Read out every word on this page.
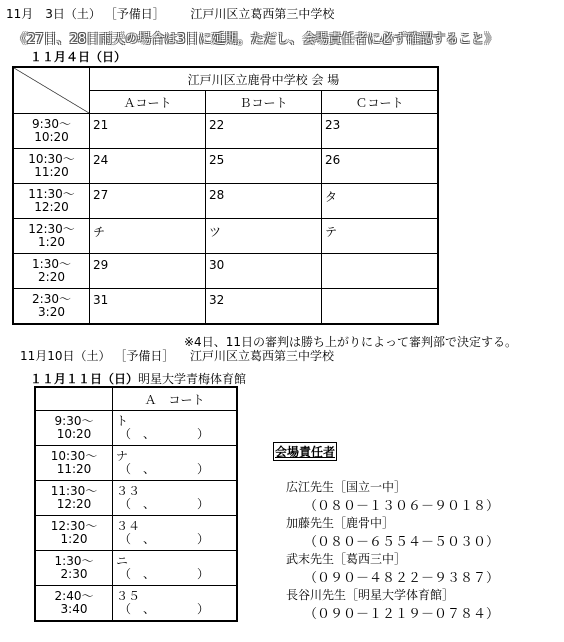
11月　3日（土） ［予備日］ 江戸川区立葛西第三中学校
《27日、28日雨天の場合は3日に延期。ただし、会場責任者に必ず確認すること》
１１月４日（日）
	江戸川区立鹿骨中学校 会 場		
	Ａコート	Ｂコート	Ｃコート
9:30～
10:20	21	22	23
10:30～
11:20	24	25	26
11:30～
12:20	27	28	タ
12:30～
1:20	チ	ツ	テ
1:30～
2:20	29	30	
2:30～
3:20	31	32	
※4日、11日の審判は勝ち上がりによって審判部で決定する。
11月10日（土） ［予備日］ 江戸川区立葛西第三中学校
１１月１１日（日）明星大学青梅体育館
	Ａ　コート
9:30～
10:20	ト
（ 、 ）
10:30～
11:20	ナ
（ 、 ）
11:30～
12:20	３３
（ 、 ）
12:30～
1:20	３４
（ 、 ）
1:30～
2:30	ニ
（ 、 ）
2:40～
3:40	３５
（ 、 ）
会場責任者
広江先生［国立一中］
（０８０－１３０６－９０１８）
加藤先生［鹿骨中］
（０８０－６５５４－５０３０）
武末先生［葛西三中］
（０９０－４８２２－９３８７）
長谷川先生［明星大学体育館］
（０９０－１２１９－０７８４）
